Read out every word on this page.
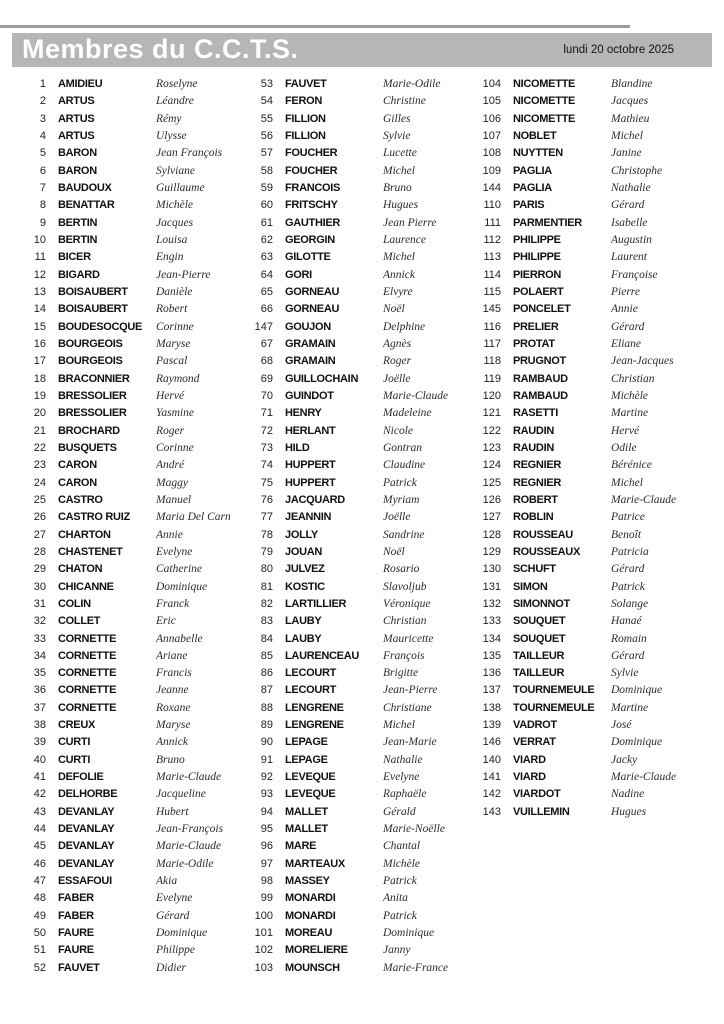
Membres du C.C.T.S.	lundi 20 octobre 2025
1 AMIDIEU	Roselyne
2 ARTUS	Léandre
3 ARTUS	Rémy
4 ARTUS	Ulysse
5 BARON	Jean François
6 BARON	Sylviane
7 BAUDOUX	Guillaume
8 BENATTAR	Michèle
9 BERTIN	Jacques
10 BERTIN	Louisa
11 BICER	Engin
12 BIGARD	Jean-Pierre
13 BOISAUBERT	Danièle
14 BOISAUBERT	Robert
15 BOUDESOCQUE	Corinne
16 BOURGEOIS	Maryse
17 BOURGEOIS	Pascal
18 BRACONNIER	Raymond
19 BRESSOLIER	Hervé
20 BRESSOLIER	Yasmine
21 BROCHARD	Roger
22 BUSQUETS	Corinne
23 CARON	André
24 CARON	Maggy
25 CASTRO	Manuel
26 CASTRO RUIZ	Maria Del Carn
27 CHARTON	Annie
28 CHASTENET	Evelyne
29 CHATON	Catherine
30 CHICANNE	Dominique
31 COLIN	Franck
32 COLLET	Eric
33 CORNETTE	Annabelle
34 CORNETTE	Ariane
35 CORNETTE	Francis
36 CORNETTE	Jeanne
37 CORNETTE	Roxane
38 CREUX	Maryse
39 CURTI	Annick
40 CURTI	Bruno
41 DEFOLIE	Marie-Claude
42 DELHORBE	Jacqueline
43 DEVANLAY	Hubert
44 DEVANLAY	Jean-François
45 DEVANLAY	Marie-Claude
46 DEVANLAY	Marie-Odile
47 ESSAFOUI	Akia
48 FABER	Evelyne
49 FABER	Gérard
50 FAURE	Dominique
51 FAURE	Philippe
52 FAUVET	Didier
53 FAUVET	Marie-Odile
54 FERON	Christine
55 FILLION	Gilles
56 FILLION	Sylvie
57 FOUCHER	Lucette
58 FOUCHER	Michel
59 FRANCOIS	Bruno
60 FRITSCHY	Hugues
61 GAUTHIER	Jean Pierre
62 GEORGIN	Laurence
63 GILOTTE	Michel
64 GORI	Annick
65 GORNEAU	Elvyre
66 GORNEAU	Noël
147 GOUJON	Delphine
67 GRAMAIN	Agnès
68 GRAMAIN	Roger
69 GUILLOCHAIN	Joëlle
70 GUINDOT	Marie-Claude
71 HENRY	Madeleine
72 HERLANT	Nicole
73 HILD	Gontran
74 HUPPERT	Claudine
75 HUPPERT	Patrick
76 JACQUARD	Myriam
77 JEANNIN	Joëlle
78 JOLLY	Sandrine
79 JOUAN	Noël
80 JULVEZ	Rosario
81 KOSTIC	Slavoljub
82 LARTILLIER	Véronique
83 LAUBY	Christian
84 LAUBY	Mauricette
85 LAURENCEAU	François
86 LECOURT	Brigitte
87 LECOURT	Jean-Pierre
88 LENGRENE	Christiane
89 LENGRENE	Michel
90 LEPAGE	Jean-Marie
91 LEPAGE	Nathalie
92 LEVEQUE	Evelyne
93 LEVEQUE	Raphaële
94 MALLET	Gérald
95 MALLET	Marie-Noëlle
96 MARE	Chantal
97 MARTEAUX	Michèle
98 MASSEY	Patrick
99 MONARDI	Anita
100 MONARDI	Patrick
101 MOREAU	Dominique
102 MORELIERE	Janny
103 MOUNSCH	Marie-France
104 NICOMETTE	Blandine
105 NICOMETTE	Jacques
106 NICOMETTE	Mathieu
107 NOBLET	Michel
108 NUYTTEN	Janine
109 PAGLIA	Christophe
144 PAGLIA	Nathalie
110 PARIS	Gérard
111 PARMENTIER	Isabelle
112 PHILIPPE	Augustin
113 PHILIPPE	Laurent
114 PIERRON	Françoise
115 POLAERT	Pierre
145 PONCELET	Annie
116 PRELIER	Gérard
117 PROTAT	Eliane
118 PRUGNOT	Jean-Jacques
119 RAMBAUD	Christian
120 RAMBAUD	Michèle
121 RASETTI	Martine
122 RAUDIN	Hervé
123 RAUDIN	Odile
124 REGNIER	Bérénice
125 REGNIER	Michel
126 ROBERT	Marie-Claude
127 ROBLIN	Patrice
128 ROUSSEAU	Benoît
129 ROUSSEAUX	Patricia
130 SCHUFT	Gérard
131 SIMON	Patrick
132 SIMONNOT	Solange
133 SOUQUET	Hanaé
134 SOUQUET	Romain
135 TAILLEUR	Gérard
136 TAILLEUR	Sylvie
137 TOURNEMEULE	Dominique
138 TOURNEMEULE	Martine
139 VADROT	José
146 VERRAT	Dominique
140 VIARD	Jacky
141 VIARD	Marie-Claude
142 VIARDOT	Nadine
143 VUILLEMIN	Hugues
